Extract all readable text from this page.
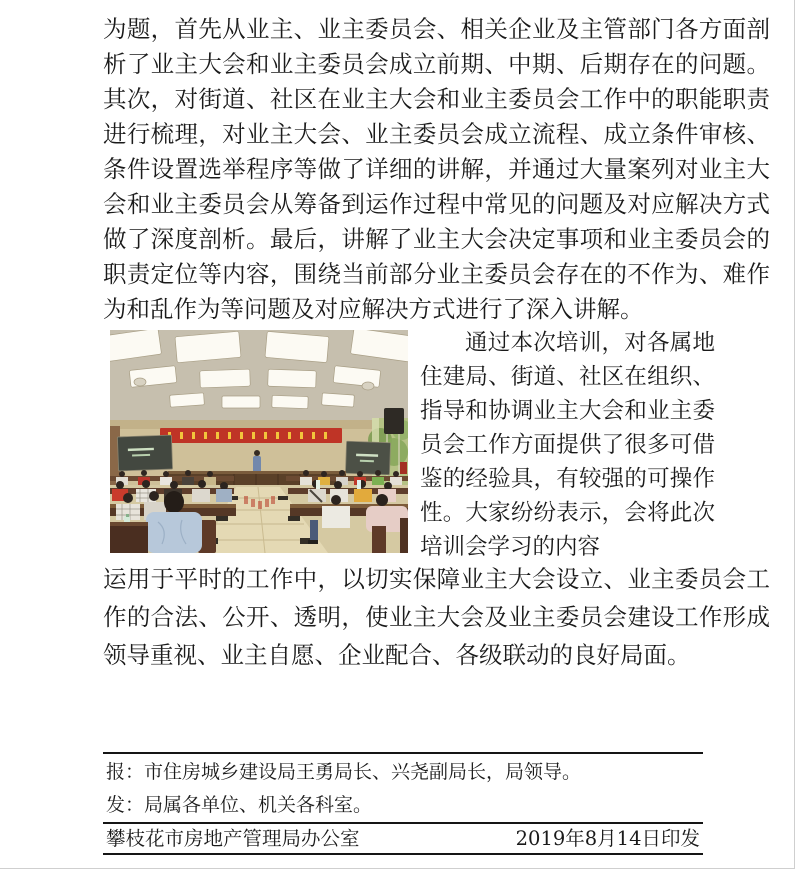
为题，首先从业主、业主委员会、相关企业及主管部门各方面剖析了业主大会和业主委员会成立前期、中期、后期存在的问题。其次，对街道、社区在业主大会和业主委员会工作中的职能职责进行梳理，对业主大会、业主委员会成立流程、成立条件审核、条件设置选举程序等做了详细的讲解，并通过大量案列对业主大会和业主委员会从筹备到运作过程中常见的问题及对应解决方式做了深度剖析。最后，讲解了业主大会决定事项和业主委员会的职责定位等内容，围绕当前部分业主委员会存在的不作为、难作为和乱作为等问题及对应解决方式进行了深入讲解。

通过本次培训，对各属地住建局、街道、社区在组织、指导和协调业主大会和业主委员会工作方面提供了很多可借鉴的经验具，有较强的可操作性。大家纷纷表示，会将此次培训会学习的内容

运用于平时的工作中，以切实保障业主大会设立、业主委员会工作的合法、公开、透明，使业主大会及业主委员会建设工作形成领导重视、业主自愿、企业配合、各级联动的良好局面。

报：市住房城乡建设局王勇局长、兴尧副局长，局领导。

发：局属各单位、机关各科室。

攀枝花市房地产管理局办公室	2019年8月14日印发
